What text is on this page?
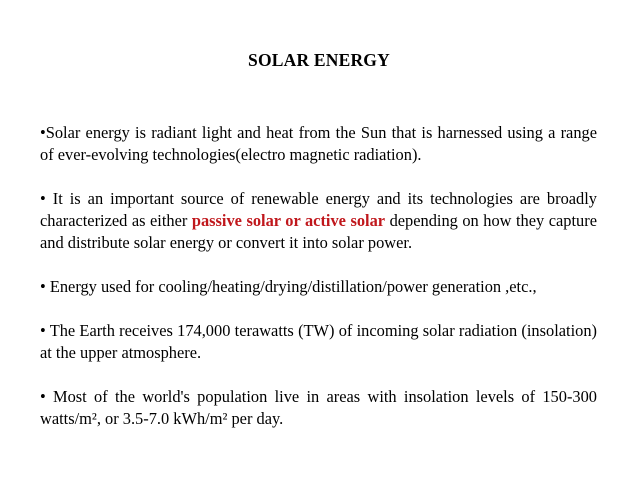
SOLAR ENERGY

•Solar energy is radiant light and heat from the Sun that is harnessed using a range of ever-evolving technologies(electro magnetic radiation).

• It is an important source of renewable energy and its technologies are broadly characterized as either passive solar or active solar depending on how they capture and distribute solar energy or convert it into solar power.

• Energy used for cooling/heating/drying/distillation/power generation ,etc.,

• The Earth receives 174,000 terawatts (TW) of incoming solar radiation (insolation) at the upper atmosphere.

• Most of the world's population live in areas with insolation levels of 150-300 watts/m², or 3.5-7.0 kWh/m² per day.
